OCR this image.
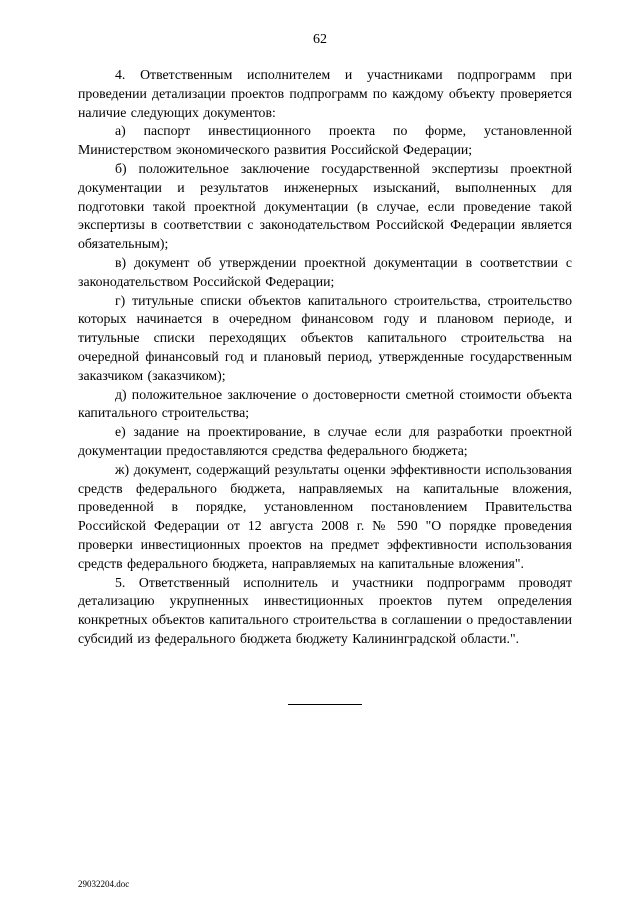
62

4. Ответственным исполнителем и участниками подпрограмм при проведении детализации проектов подпрограмм по каждому объекту проверяется наличие следующих документов:

а) паспорт инвестиционного проекта по форме, установленной Министерством экономического развития Российской Федерации;

б) положительное заключение государственной экспертизы проектной документации и результатов инженерных изысканий, выполненных для подготовки такой проектной документации (в случае, если проведение такой экспертизы в соответствии с законодательством Российской Федерации является обязательным);

в) документ об утверждении проектной документации в соответствии с законодательством Российской Федерации;

г) титульные списки объектов капитального строительства, строительство которых начинается в очередном финансовом году и плановом периоде, и титульные списки переходящих объектов капитального строительства на очередной финансовый год и плановый период, утвержденные государственным заказчиком (заказчиком);

д) положительное заключение о достоверности сметной стоимости объекта капитального строительства;

е) задание на проектирование, в случае если для разработки проектной документации предоставляются средства федерального бюджета;

ж) документ, содержащий результаты оценки эффективности использования средств федерального бюджета, направляемых на капитальные вложения, проведенной в порядке, установленном постановлением Правительства Российской Федерации от 12 августа 2008 г. № 590 "О порядке проведения проверки инвестиционных проектов на предмет эффективности использования средств федерального бюджета, направляемых на капитальные вложения".

5. Ответственный исполнитель и участники подпрограмм проводят детализацию укрупненных инвестиционных проектов путем определения конкретных объектов капитального строительства в соглашении о предоставлении субсидий из федерального бюджета бюджету Калининградской области.".

29032204.doc
